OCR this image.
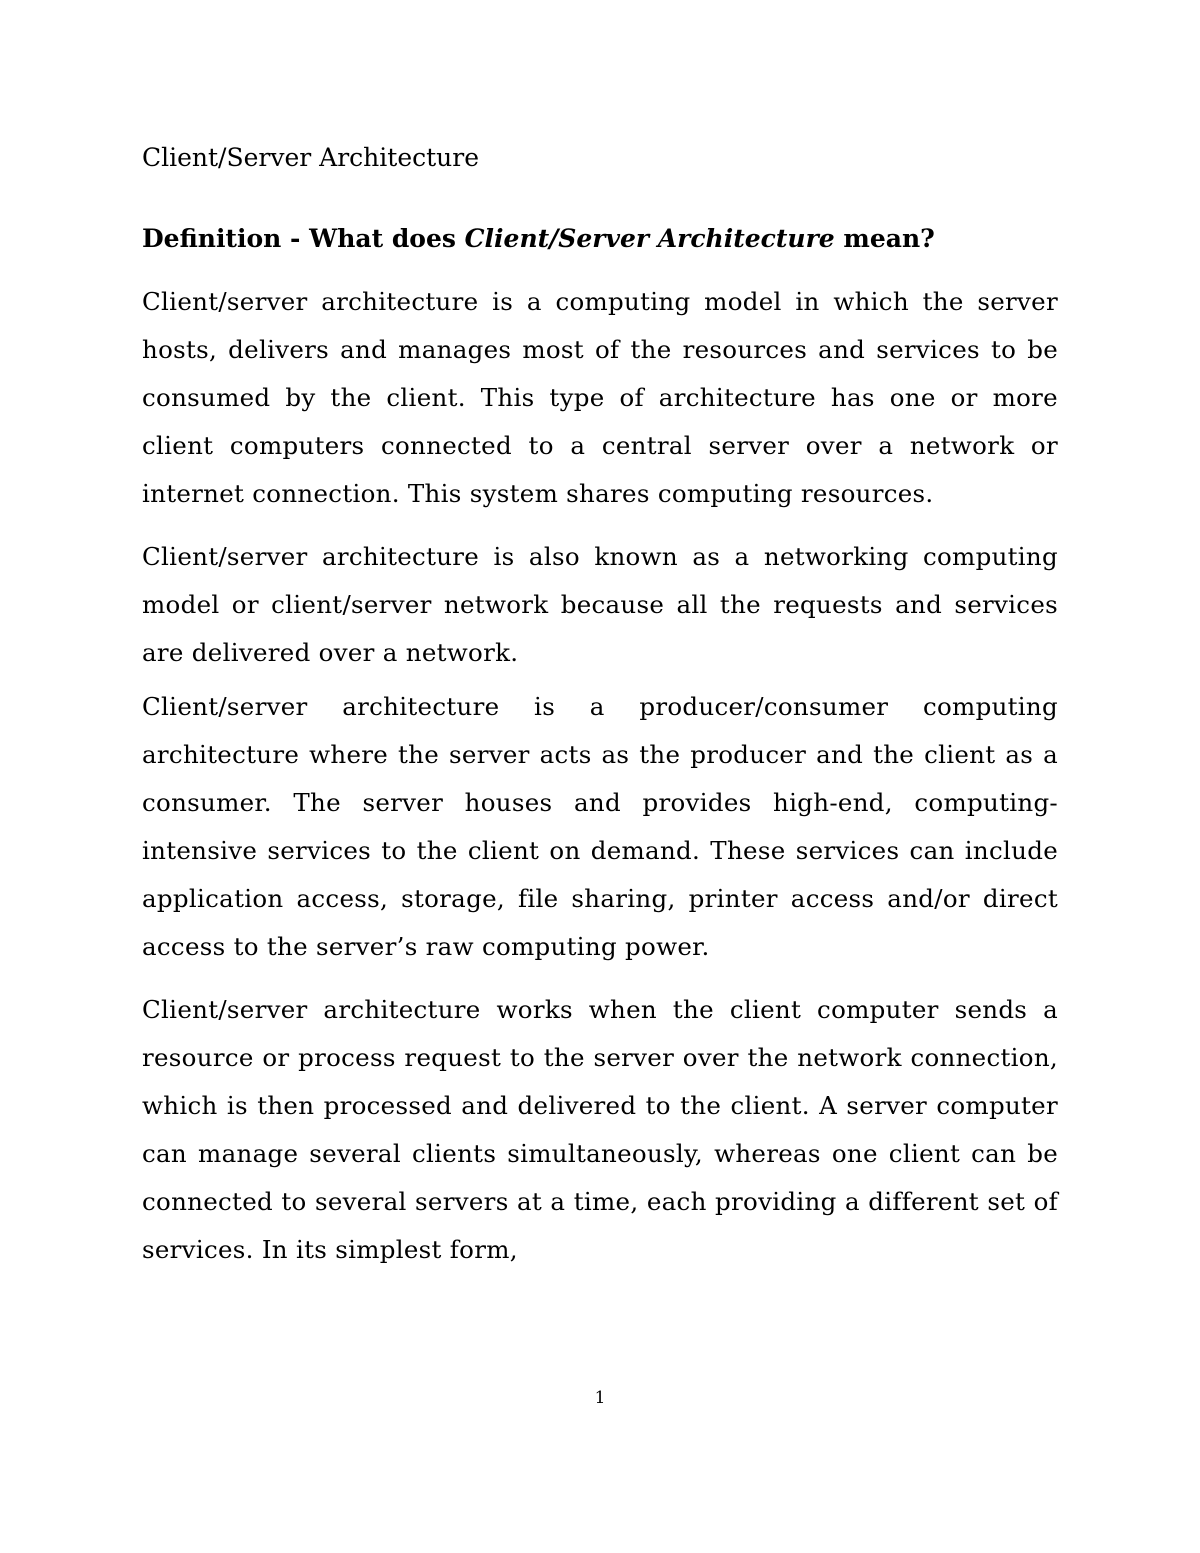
Client/Server Architecture
Definition - What does Client/Server Architecture mean?

Client/server architecture is a computing model in which the server hosts, delivers and manages most of the resources and services to be consumed by the client. This type of architecture has one or more client computers connected to a central server over a network or internet connection. This system shares computing resources.

Client/server architecture is also known as a networking computing model or client/server network because all the requests and services are delivered over a network.

Client/server architecture is a producer/consumer computing architecture where the server acts as the producer and the client as a consumer. The server houses and provides high-end, computing-intensive services to the client on demand. These services can include application access, storage, file sharing, printer access and/or direct access to the server’s raw computing power.

Client/server architecture works when the client computer sends a resource or process request to the server over the network connection, which is then processed and delivered to the client. A server computer can manage several clients simultaneously, whereas one client can be connected to several servers at a time, each providing a different set of services. In its simplest form,

1
